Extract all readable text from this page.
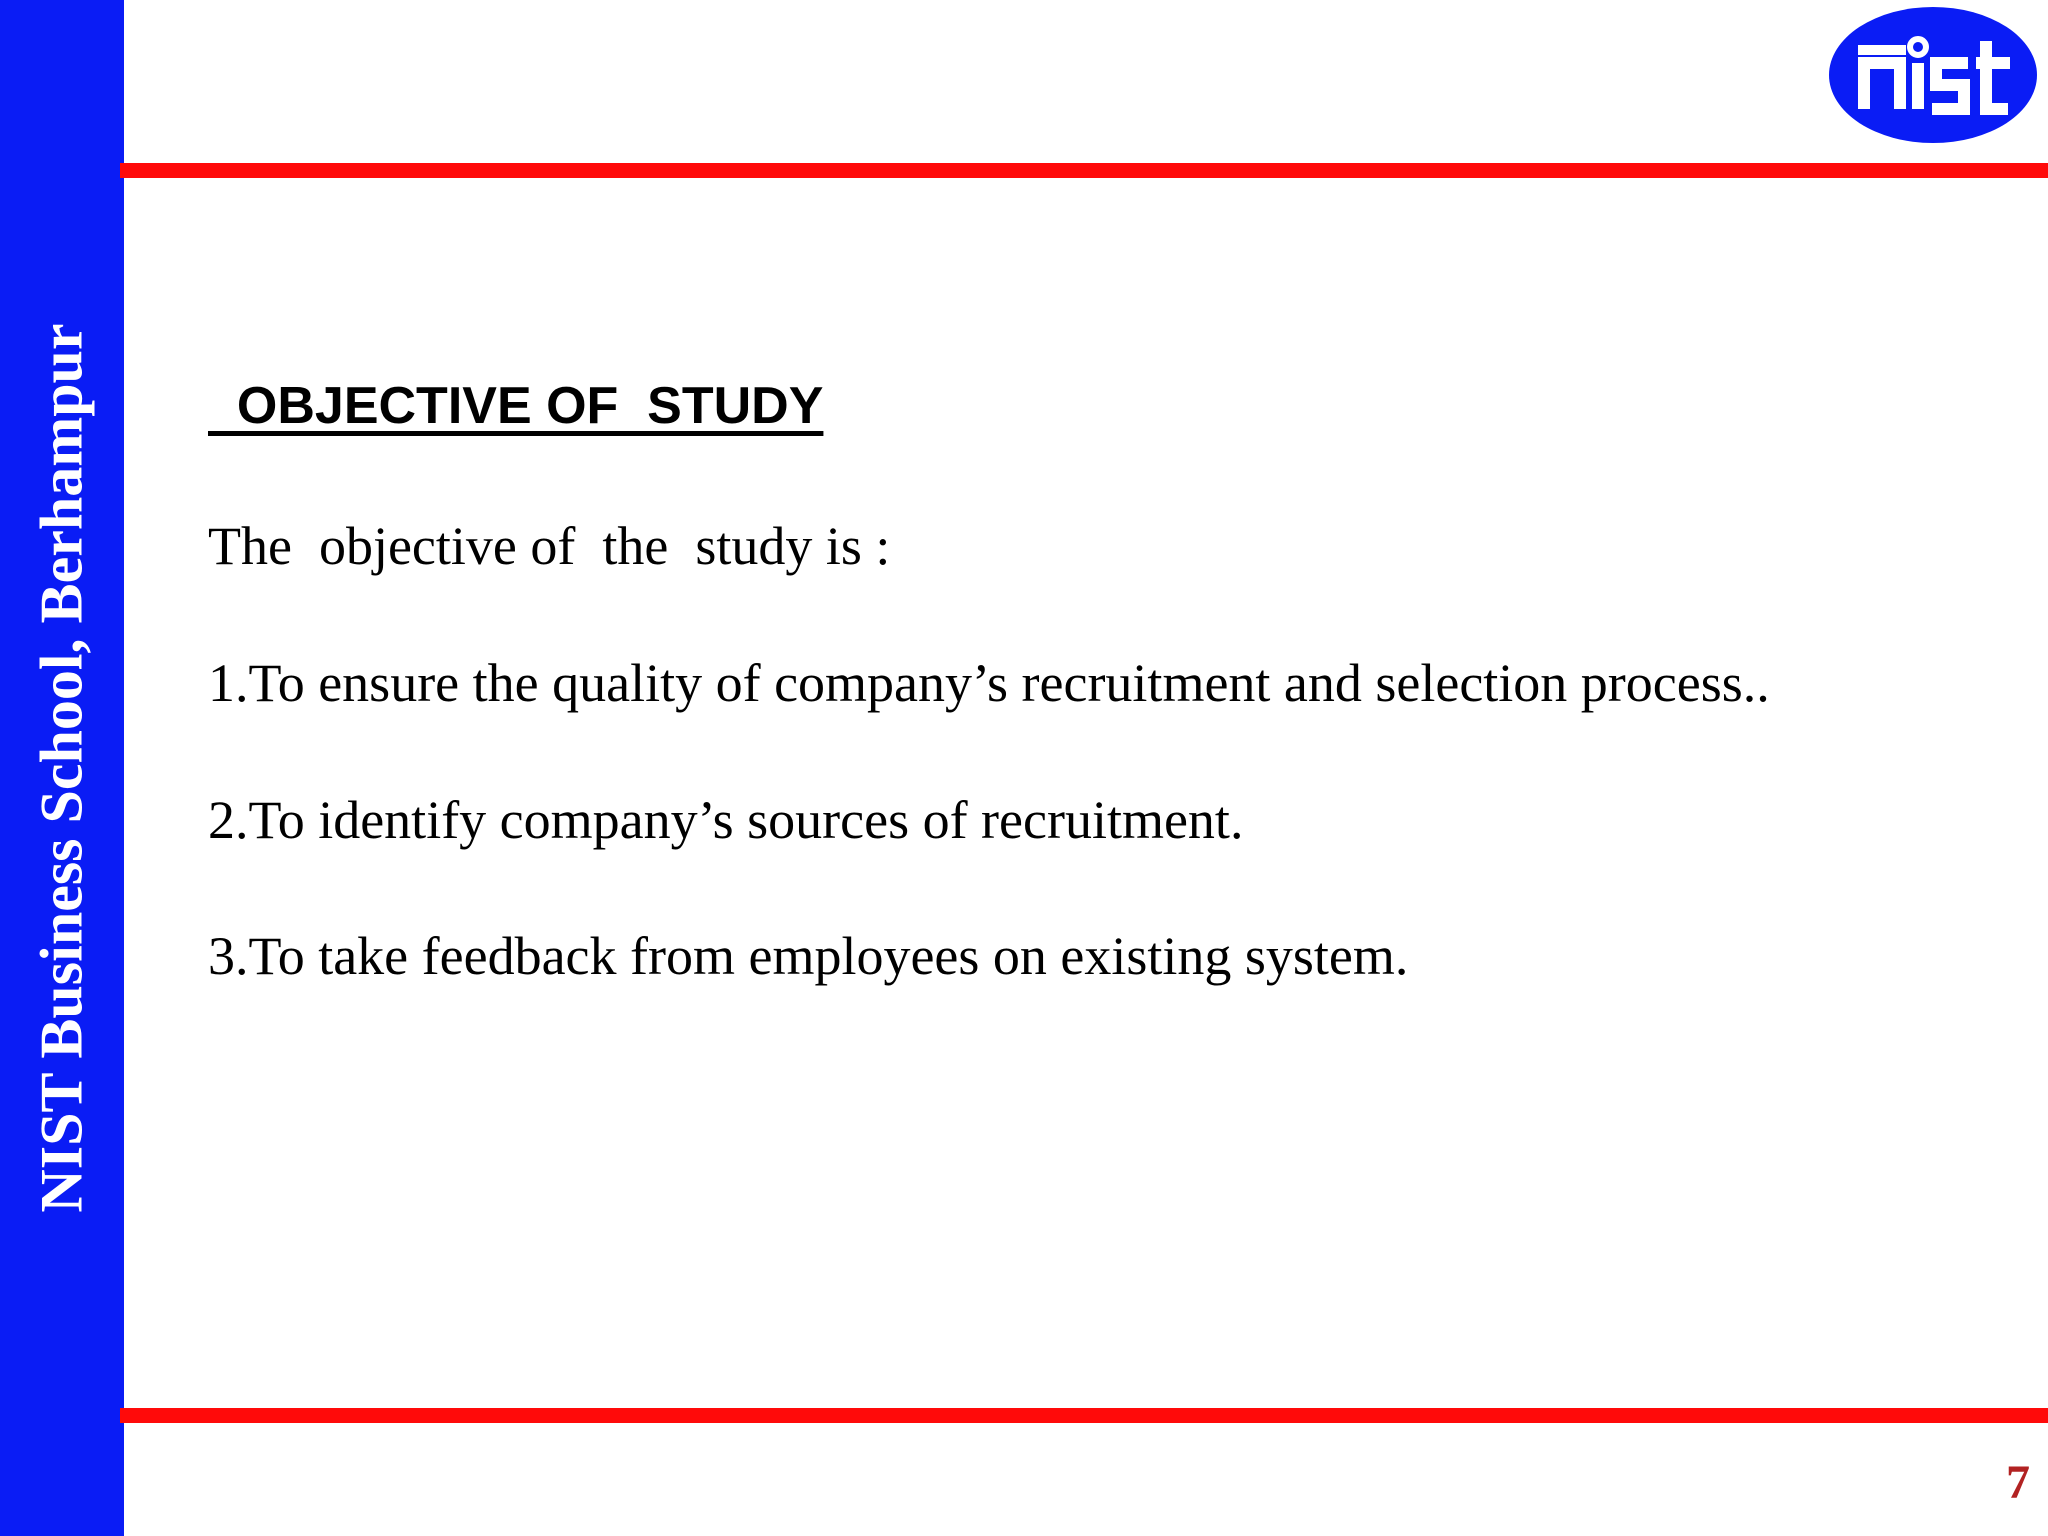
NIST Business School, Berhampur OBJECTIVE OF  STUDY

The  objective of  the  study is :

1.To ensure the quality of company’s recruitment and selection process..

2.To identify company’s sources of recruitment.

3.To take feedback from employees on existing system.

7
